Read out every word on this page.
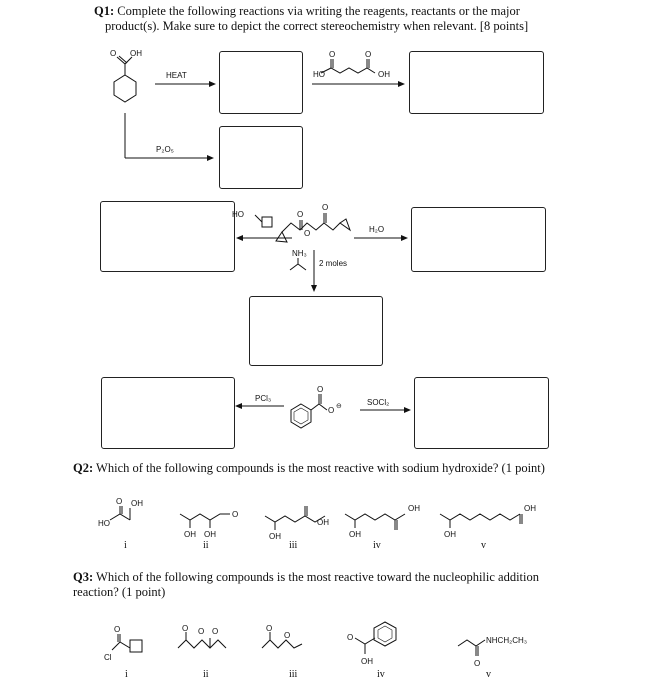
Q1: Complete the following reactions via writing the reagents, reactants or the major
product(s). Make sure to depict the correct stereochemistry when relevant. [8 points]
O OH
HEAT
P₂O₅
HO
O	O
OH
HO	O
O
O
H₂O
NH₃
2 moles
PCl₃
O
O ⊖	SOCl₂
Q2: Which of the following compounds is the most reactive with sodium hydroxide? (1 point)
HO
OH
O
O
OH OH	OH
OH
OH
OH
OH
OH
i	ii	iii	iv	v
Q3: Which of the following compounds is the most reactive toward the nucleophilic addition
reaction? (1 point)
O
Cl
O O O	O
O	O
OH
NHCH₂CH₃
O
i	ii	iii	iv	v
